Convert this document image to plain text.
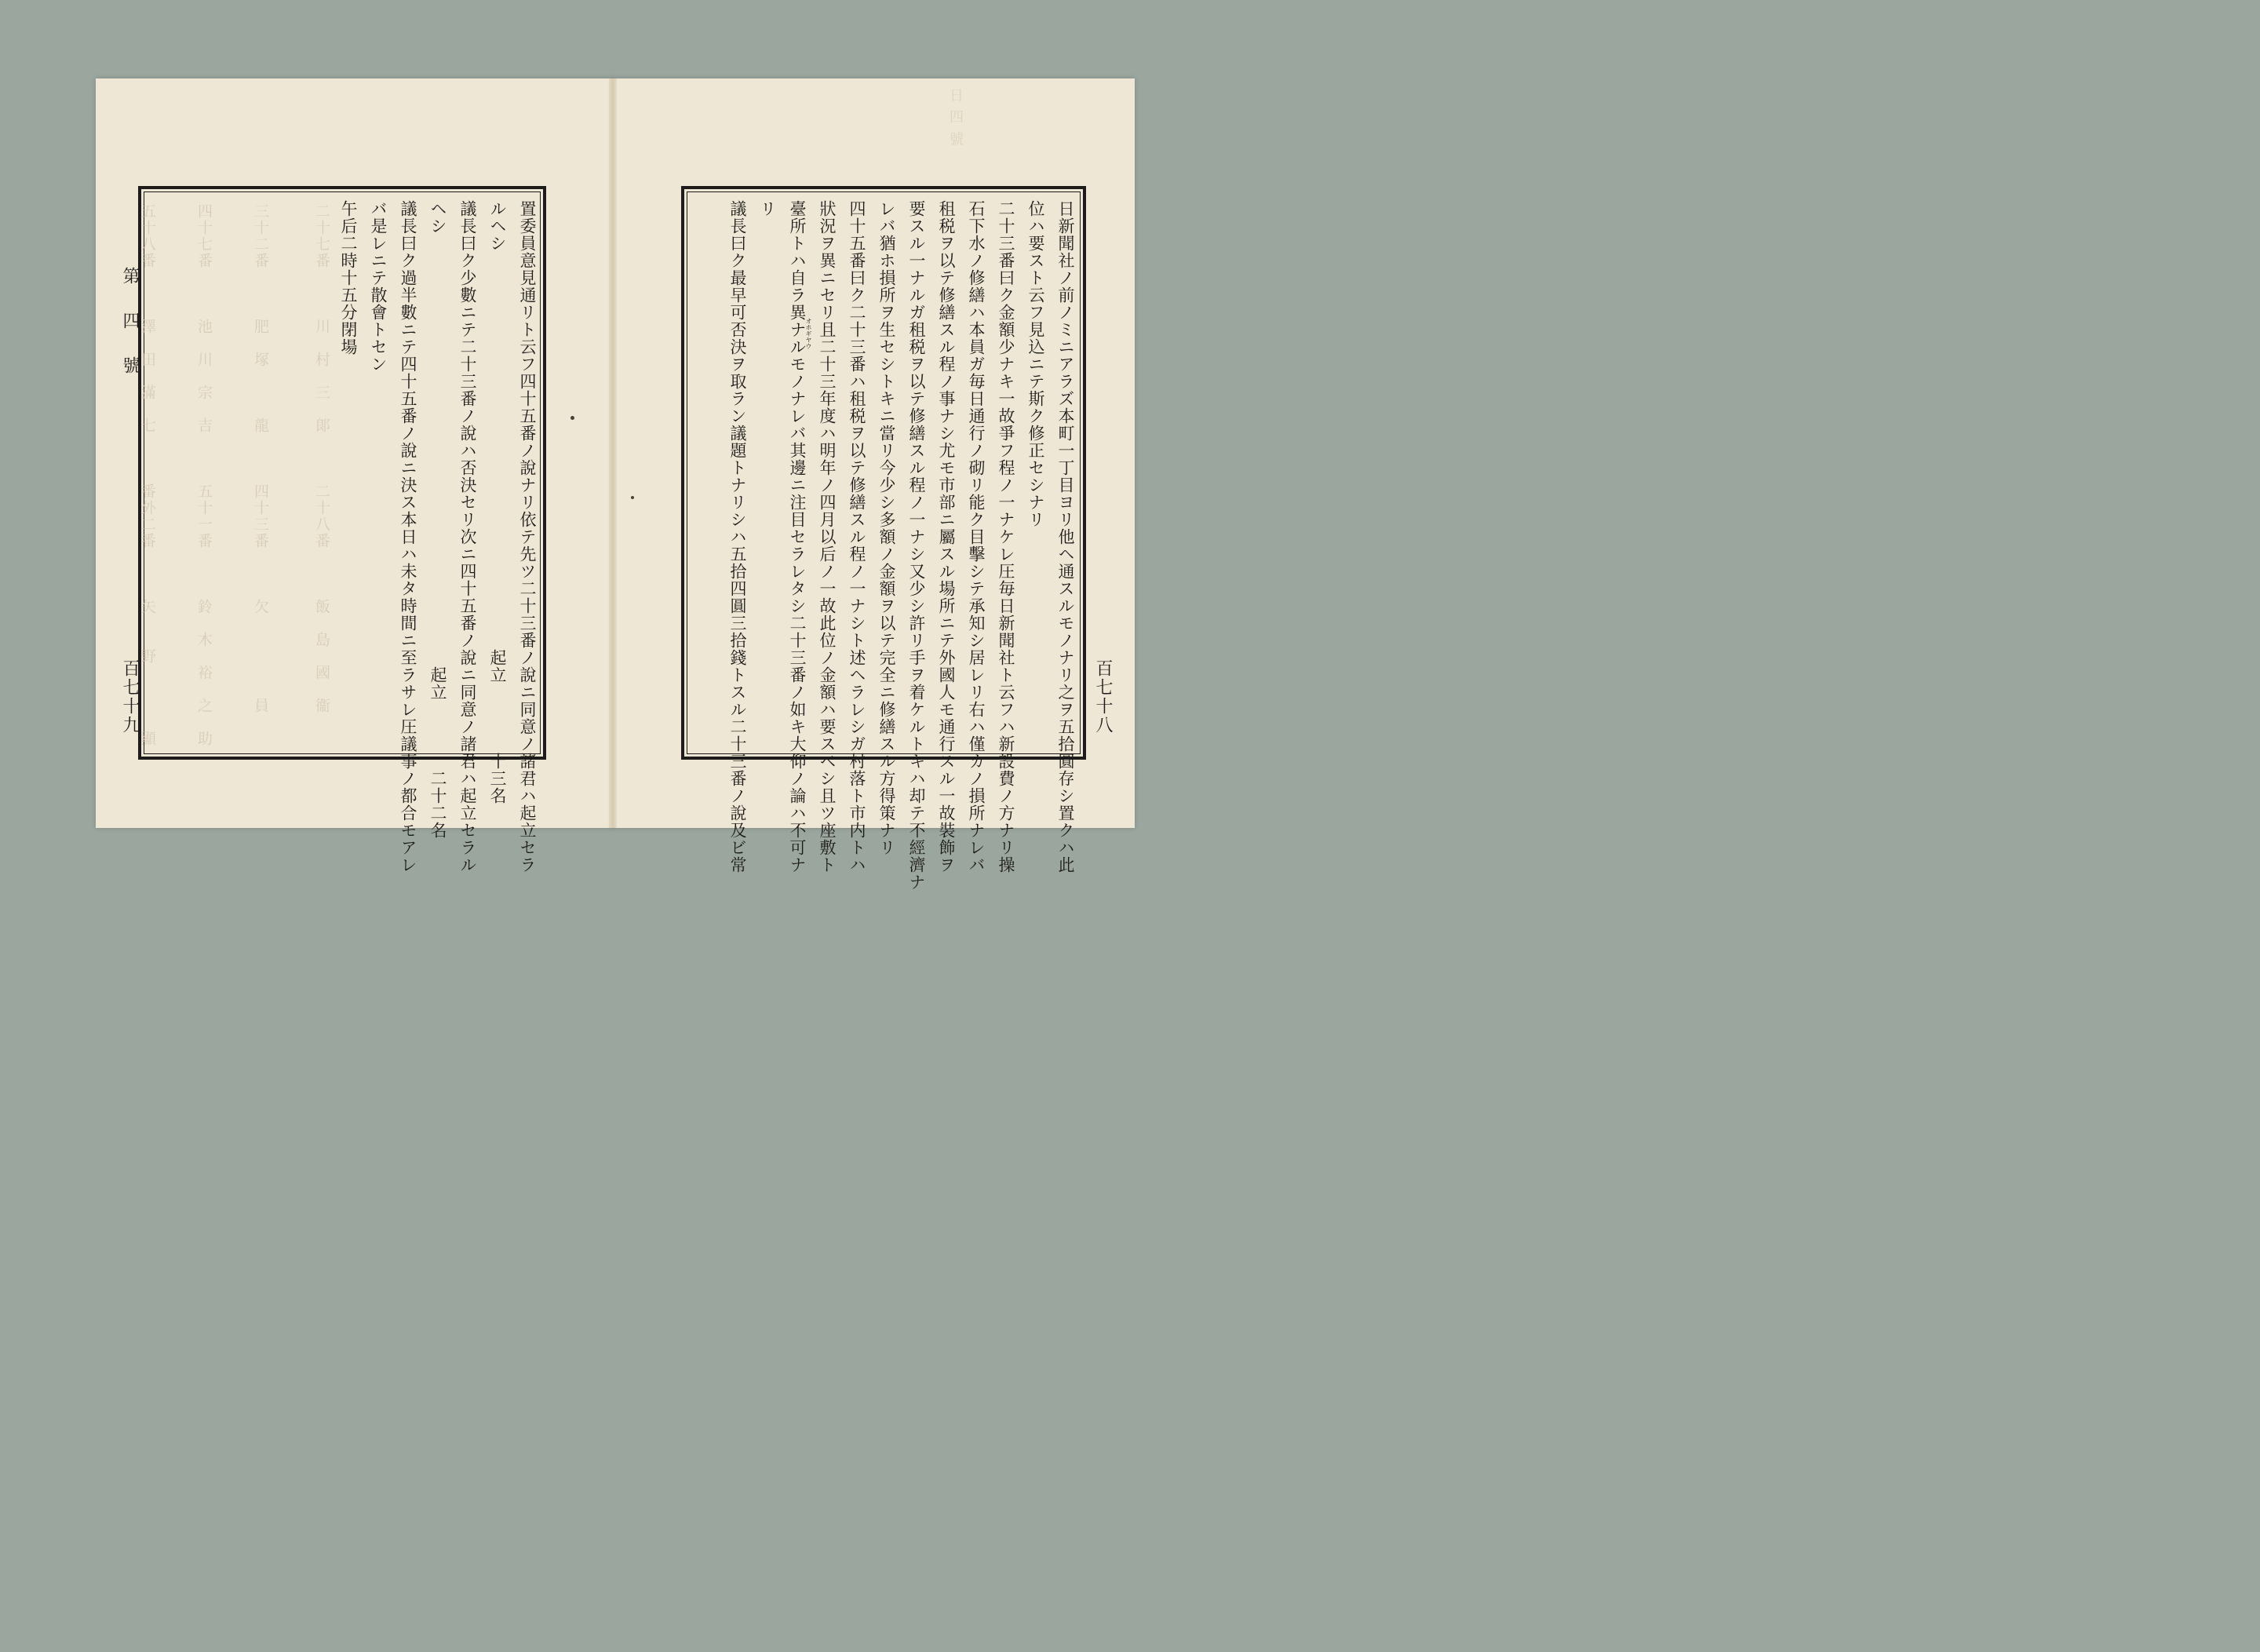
日 四 號
日新聞社ノ前ノミニアラズ本町一丁目ヨリ他ヘ通スルモノナリ之ヲ五拾圓存シ置クハ此
位ハ要スト云フ見込ニテ斯ク修正セシナリ
二十三番曰ク金額少ナキ一故爭フ程ノ一ナケレ圧毎日新聞社ト云フハ新設費ノ方ナリ操
石下水ノ修繕ハ本員ガ毎日通行ノ砌リ能ク目擊シテ承知シ居レリ右ハ僅カノ損所ナレバ
租税ヲ以テ修繕スル程ノ事ナシ尤モ市部ニ屬スル場所ニテ外國人モ通行スル一故裝飾ヲ
要スル一ナルガ租税ヲ以テ修繕スル程ノ一ナシ又少シ許リ手ヲ着ケルトキハ却テ不經濟ナ
レバ猶ホ損所ヲ生セシトキニ當リ今少シ多額ノ金額ヲ以テ完全ニ修繕スル方得策ナリ
四十五番曰ク二十三番ハ租税ヲ以テ修繕スル程ノ一ナシト述ヘラレシガ村落ト市内トハ
狀況ヲ異ニセリ且二十三年度ハ明年ノ四月以后ノ一故此位ノ金額ハ要スベシ且ツ座敷ト
臺所トハ自ラ異ナルモノナレバ其邊ニ注目セラレタシ二十三番ノ如キ大仰ノ論ハ不可ナ
リ
議長曰ク最早可否決ヲ取ラン議題トナリシハ五拾四圓三拾錢トスル二十三番ノ說及ビ常	オホギヤウ
百七十八
二十七番　　　川　村　三　郞　　　二十八番　　　飯　島　國　衞
三十二番　　　肥　塚　　　龍　　　四十三番　　　欠　　　　　員
四十七番　　　池　川　宗　吉　　　五十一番　　　鈴　木　裕　之　助
五十八番　　　澤　田　滿　七　　　番外二番　　　矢　　野　　　　顯	置委員意見通リト云フ四十五番ノ說ナリ依テ先ツ二十三番ノ說ニ同意ノ諸君ハ起立セラ
ルヘシ　　　　　　　　　　　　　　　　　　　　　　　起立　　　　十三名
議長曰ク少數ニテ二十三番ノ說ハ否決セリ次ニ四十五番ノ說ニ同意ノ諸君ハ起立セラル
ヘシ　　　　　　　　　　　　　　　　　　　　　　　　　起立　　　　二十二名
議長曰ク過半數ニテ四十五番ノ說ニ決ス本日ハ未タ時間ニ至ラサレ圧議事ノ都合モアレ
バ是レニテ散會トセン
午后二時十五分閉場
第 四 號
百七十九
